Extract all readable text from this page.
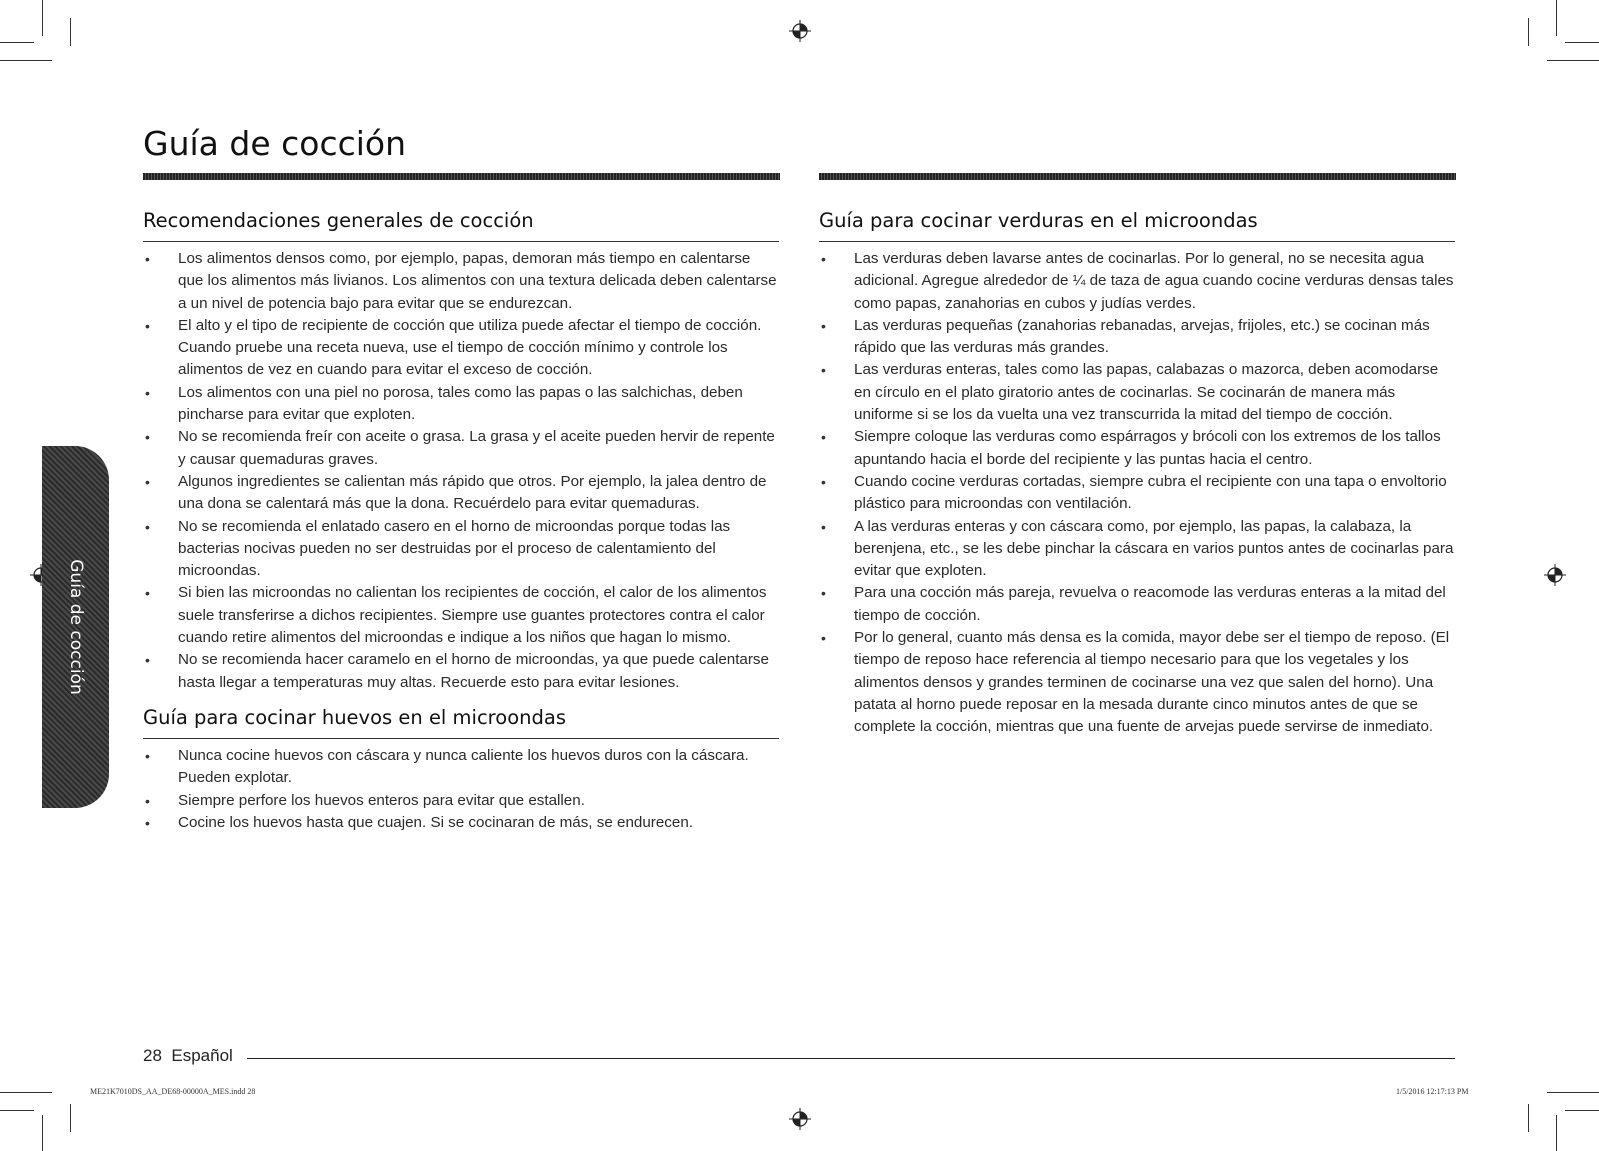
Guía de cocción
Guía de cocción
Recomendaciones generales de cocción
• Los alimentos densos como, por ejemplo, papas, demoran más tiempo en calentarse que los alimentos más livianos. Los alimentos con una textura delicada deben calentarse a un nivel de potencia bajo para evitar que se endurezcan.
• El alto y el tipo de recipiente de cocción que utiliza puede afectar el tiempo de cocción. Cuando pruebe una receta nueva, use el tiempo de cocción mínimo y controle los alimentos de vez en cuando para evitar el exceso de cocción.
• Los alimentos con una piel no porosa, tales como las papas o las salchichas, deben pincharse para evitar que exploten.
• No se recomienda freír con aceite o grasa. La grasa y el aceite pueden hervir de repente y causar quemaduras graves.
• Algunos ingredientes se calientan más rápido que otros. Por ejemplo, la jalea dentro de una dona se calentará más que la dona. Recuérdelo para evitar quemaduras.
• No se recomienda el enlatado casero en el horno de microondas porque todas las bacterias nocivas pueden no ser destruidas por el proceso de calentamiento del microondas.
• Si bien las microondas no calientan los recipientes de cocción, el calor de los alimentos suele transferirse a dichos recipientes. Siempre use guantes protectores contra el calor cuando retire alimentos del microondas e indique a los niños que hagan lo mismo.
• No se recomienda hacer caramelo en el horno de microondas, ya que puede calentarse hasta llegar a temperaturas muy altas. Recuerde esto para evitar lesiones.
Guía para cocinar huevos en el microondas
• Nunca cocine huevos con cáscara y nunca caliente los huevos duros con la cáscara. Pueden explotar.
• Siempre perfore los huevos enteros para evitar que estallen.
• Cocine los huevos hasta que cuajen. Si se cocinaran de más, se endurecen.
Guía para cocinar verduras en el microondas
• Las verduras deben lavarse antes de cocinarlas. Por lo general, no se necesita agua adicional. Agregue alrededor de ¼ de taza de agua cuando cocine verduras densas tales como papas, zanahorias en cubos y judías verdes.
• Las verduras pequeñas (zanahorias rebanadas, arvejas, frijoles, etc.) se cocinan más rápido que las verduras más grandes.
• Las verduras enteras, tales como las papas, calabazas o mazorca, deben acomodarse en círculo en el plato giratorio antes de cocinarlas. Se cocinarán de manera más uniforme si se los da vuelta una vez transcurrida la mitad del tiempo de cocción.
• Siempre coloque las verduras como espárragos y brócoli con los extremos de los tallos apuntando hacia el borde del recipiente y las puntas hacia el centro.
• Cuando cocine verduras cortadas, siempre cubra el recipiente con una tapa o envoltorio plástico para microondas con ventilación.
• A las verduras enteras y con cáscara como, por ejemplo, las papas, la calabaza, la berenjena, etc., se les debe pinchar la cáscara en varios puntos antes de cocinarlas para evitar que exploten.
• Para una cocción más pareja, revuelva o reacomode las verduras enteras a la mitad del tiempo de cocción.
• Por lo general, cuanto más densa es la comida, mayor debe ser el tiempo de reposo. (El tiempo de reposo hace referencia al tiempo necesario para que los vegetales y los alimentos densos y grandes terminen de cocinarse una vez que salen del horno). Una patata al horno puede reposar en la mesada durante cinco minutos antes de que se complete la cocción, mientras que una fuente de arvejas puede servirse de inmediato.
28 Español
ME21K7010DS_AA_DE68-00000A_MES.indd 28	1/5/2016 12:17:13 PM
